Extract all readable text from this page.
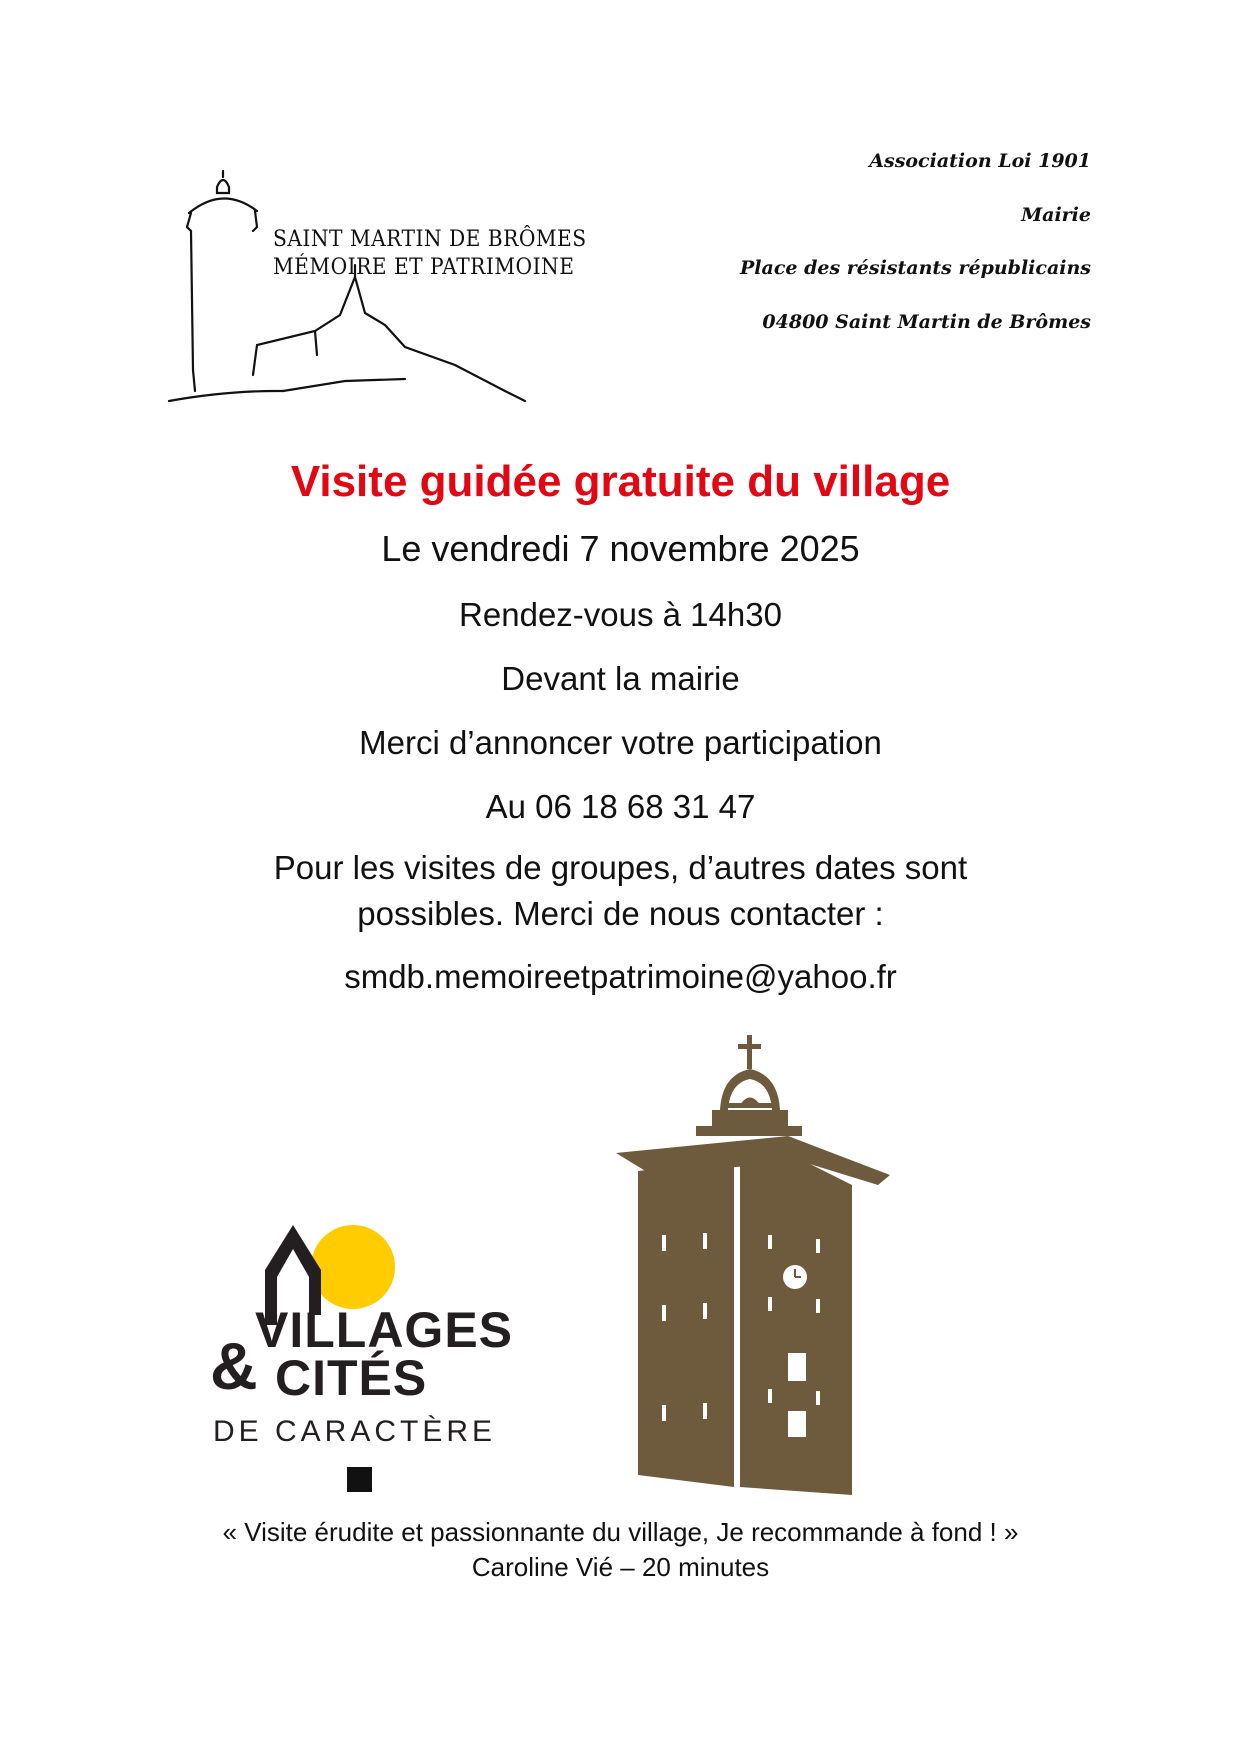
SAINT MARTIN DE BRÔMES
MÉMOIRE ET PATRIMOINE
Association Loi 1901
Mairie
Place des résistants républicains
04800 Saint Martin de Brômes
Visite guidée gratuite du village
Le vendredi 7 novembre 2025
Rendez-vous à 14h30
Devant la mairie
Merci d’annoncer votre participation
Au 06 18 68 31 47
Pour les visites de groupes, d’autres dates sont possibles. Merci de nous contacter :
smdb.memoireetpatrimoine@yahoo.fr
VILLAGES
& CITÉS
DE CARACTÈRE
« Visite érudite et passionnante du village, Je recommande à fond ! »
Caroline Vié – 20 minutes
